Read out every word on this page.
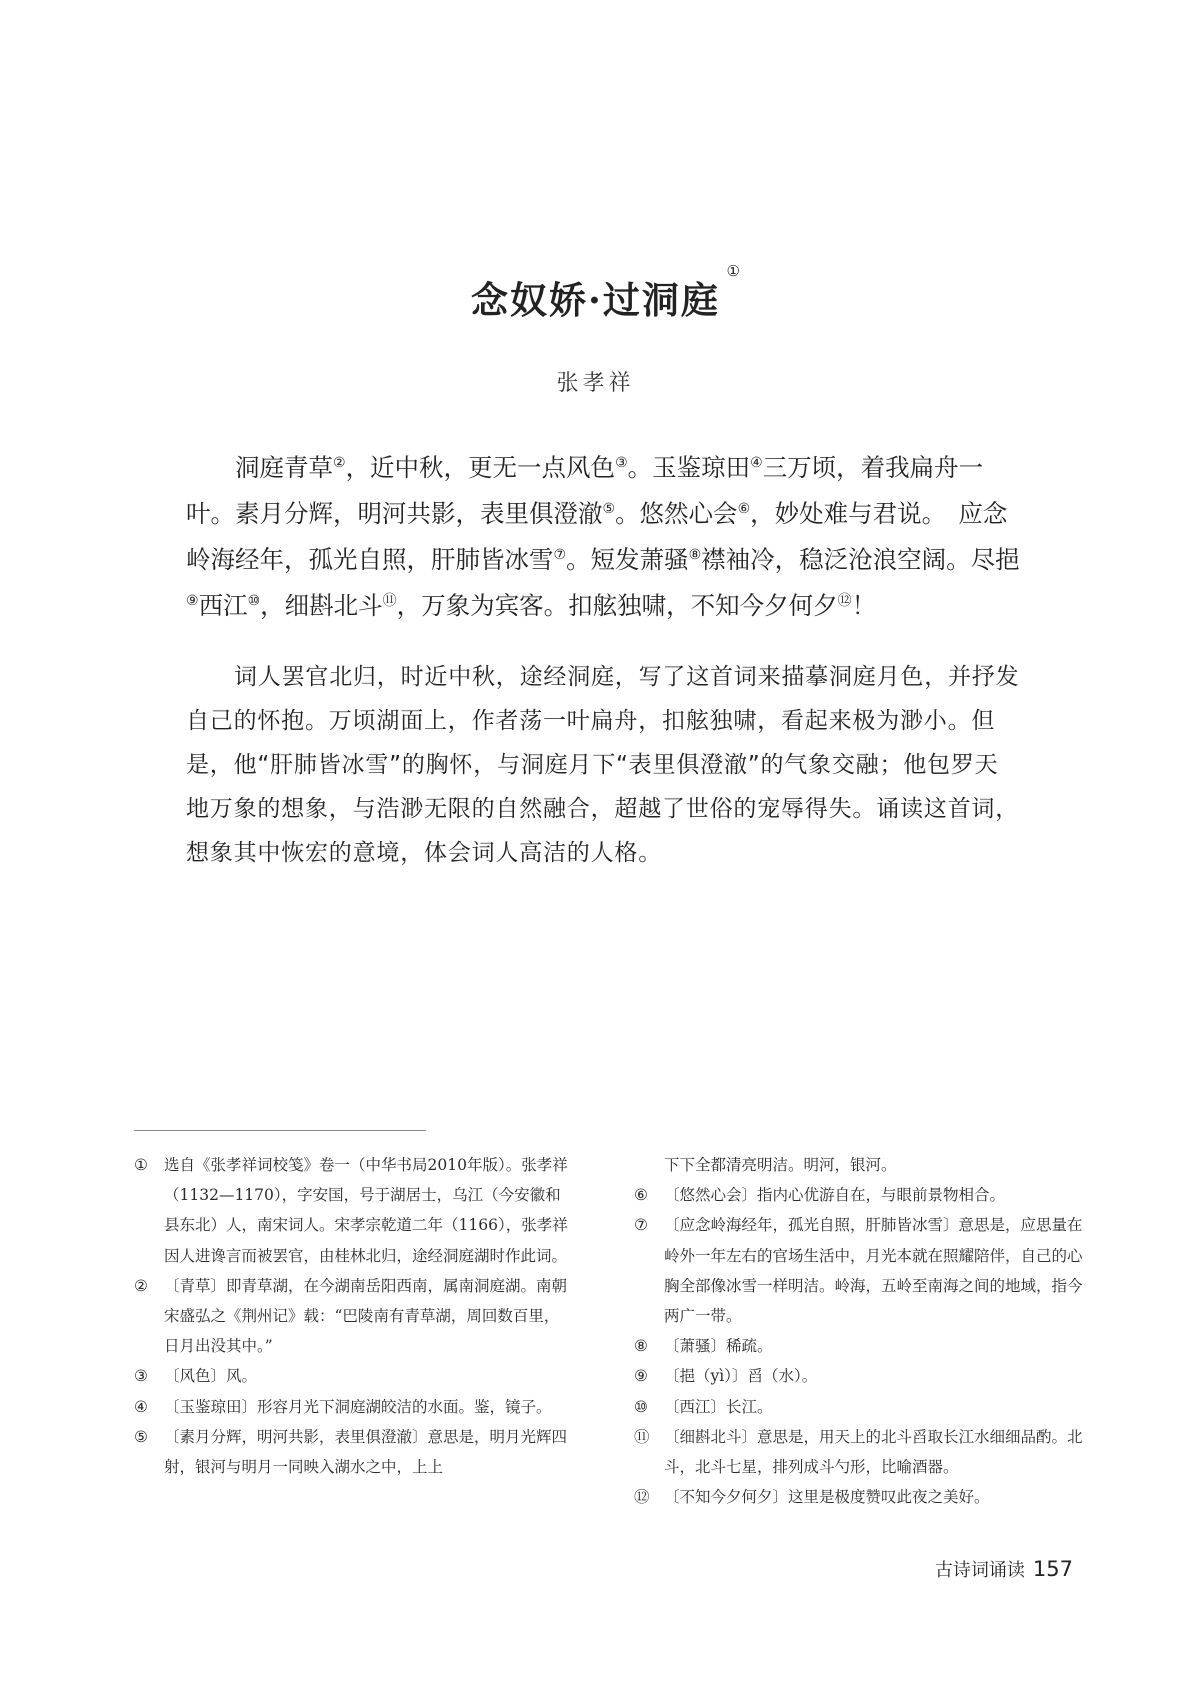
念奴娇·过洞庭
①
张孝祥

洞庭青草②，近中秋，更无一点风色③。玉鉴琼田④三万顷，着我扁舟一叶。素月分辉，明河共影，表里俱澄澈⑤。悠然心会⑥，妙处难与君说。　应念岭海经年，孤光自照，肝肺皆冰雪⑦。短发萧骚⑧襟袖冷，稳泛沧浪空阔。尽挹⑨西江⑩，细斟北斗⑪，万象为宾客。扣舷独啸，不知今夕何夕⑫！

词人罢官北归，时近中秋，途经洞庭，写了这首词来描摹洞庭月色，并抒发自己的怀抱。万顷湖面上，作者荡一叶扁舟，扣舷独啸，看起来极为渺小。但是，他“肝肺皆冰雪”的胸怀，与洞庭月下“表里俱澄澈”的气象交融；他包罗天地万象的想象，与浩渺无限的自然融合，超越了世俗的宠辱得失。诵读这首词，想象其中恢宏的意境，体会词人高洁的人格。

① 选自《张孝祥词校笺》卷一（中华书局2010年版）。张孝祥（1132—1170），字安国，号于湖居士，乌江（今安徽和县东北）人，南宋词人。宋孝宗乾道二年（1166），张孝祥因人进谗言而被罢官，由桂林北归，途经洞庭湖时作此词。
② 〔青草〕即青草湖，在今湖南岳阳西南，属南洞庭湖。南朝宋盛弘之《荆州记》载：“巴陵南有青草湖，周回数百里，日月出没其中。”
③ 〔风色〕风。
④ 〔玉鉴琼田〕形容月光下洞庭湖皎洁的水面。鉴，镜子。
⑤ 〔素月分辉，明河共影，表里俱澄澈〕意思是，明月光辉四射，银河与明月一同映入湖水之中，上上
下下全都清亮明洁。明河，银河。
⑥ 〔悠然心会〕指内心优游自在，与眼前景物相合。
⑦ 〔应念岭海经年，孤光自照，肝肺皆冰雪〕意思是，应思量在岭外一年左右的官场生活中，月光本就在照耀陪伴，自己的心胸全部像冰雪一样明洁。岭海，五岭至南海之间的地域，指今两广一带。
⑧ 〔萧骚〕稀疏。
⑨ 〔挹（yì）〕舀（水）。
⑩ 〔西江〕长江。
⑪ 〔细斟北斗〕意思是，用天上的北斗舀取长江水细细品酌。北斗，北斗七星，排列成斗勺形，比喻酒器。
⑫ 〔不知今夕何夕〕这里是极度赞叹此夜之美好。
古诗词诵读 157
